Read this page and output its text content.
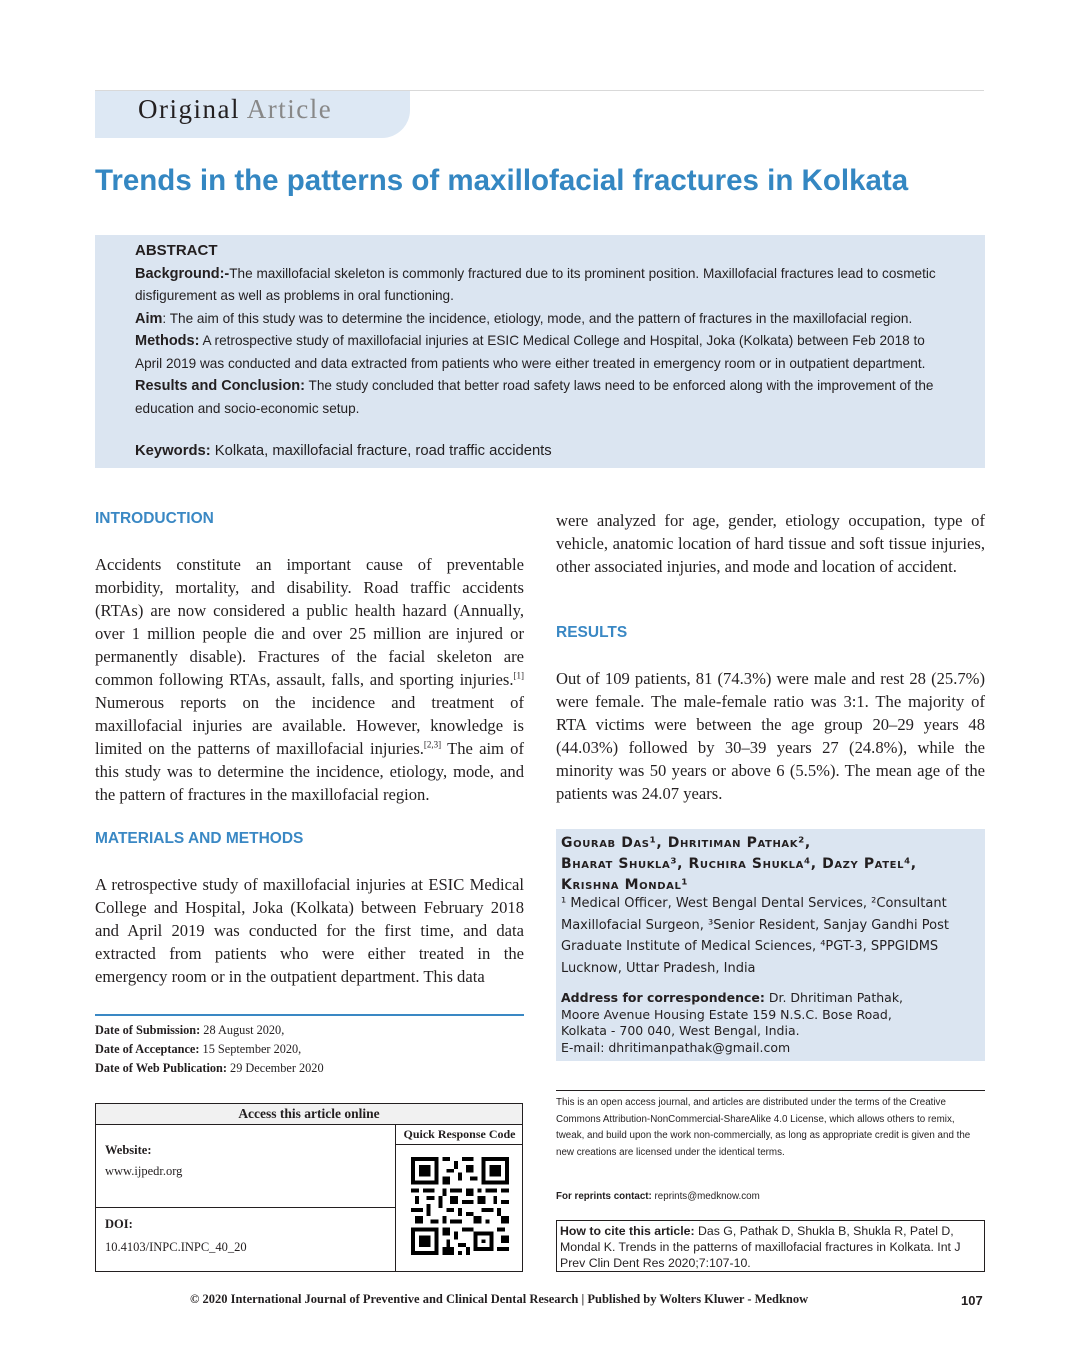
Original Article
Trends in the patterns of maxillofacial fractures in Kolkata

ABSTRACT

Background:-The maxillofacial skeleton is commonly fractured due to its prominent position. Maxillofacial fractures lead to cosmetic disfigurement as well as problems in oral functioning.

Aim: The aim of this study was to determine the incidence, etiology, mode, and the pattern of fractures in the maxillofacial region.

Methods: A retrospective study of maxillofacial injuries at ESIC Medical College and Hospital, Joka (Kolkata) between Feb 2018 to April 2019 was conducted and data extracted from patients who were either treated in emergency room or in outpatient department.

Results and Conclusion: The study concluded that better road safety laws need to be enforced along with the improvement of the education and socio-economic setup.

Keywords: Kolkata, maxillofacial fracture, road traffic accidents
INTRODUCTION

Accidents constitute an important cause of preventable morbidity, mortality, and disability. Road traffic accidents (RTAs) are now considered a public health hazard (Annually, over 1 million people die and over 25 million are injured or permanently disable). Fractures of the facial skeleton are common following RTAs, assault, falls, and sporting injuries.[1] Numerous reports on the incidence and treatment of maxillofacial injuries are available. However, knowledge is limited on the patterns of maxillofacial injuries.[2,3] The aim of this study was to determine the incidence, etiology, mode, and the pattern of fractures in the maxillofacial region.

MATERIALS AND METHODS
A retrospective study of maxillofacial injuries at ESIC Medical College and Hospital, Joka (Kolkata) between February 2018 and April 2019 was conducted for the first time, and data extracted from patients who were either treated in the emergency room or in the outpatient department. This data
Date of Submission: 28 August 2020,
Date of Acceptance: 15 September 2020,
Date of Web Publication: 29 December 2020
Access this article online
Quick Response Code
Website:
www.ijpedr.org
DOI:
10.4103/INPC.INPC_40_20
were analyzed for age, gender, etiology occupation, type of vehicle, anatomic location of hard tissue and soft tissue injuries, other associated injuries, and mode and location of accident.
RESULTS
Out of 109 patients, 81 (74.3%) were male and rest 28 (25.7%) were female. The male-female ratio was 3:1. The majority of RTA victims were between the age group 20–29 years 48 (44.03%) followed by 30–39 years 27 (24.8%), while the minority was 50 years or above 6 (5.5%). The mean age of the patients was 24.07 years.
Gourab Das¹, Dhritiman Pathak²,
Bharat Shukla³, Ruchira Shukla⁴, Dazy Patel⁴,
Krishna Mondal¹
¹ Medical Officer, West Bengal Dental Services, ²Consultant Maxillofacial Surgeon, ³Senior Resident, Sanjay Gandhi Post Graduate Institute of Medical Sciences, ⁴PGT-3, SPPGIDMS Lucknow, Uttar Pradesh, India
Address for correspondence: Dr. Dhritiman Pathak,
Moore Avenue Housing Estate 159 N.S.C. Bose Road,
Kolkata - 700 040, West Bengal, India.
E-mail: dhritimanpathak@gmail.com
This is an open access journal, and articles are distributed under the terms of the Creative Commons Attribution-NonCommercial-ShareAlike 4.0 License, which allows others to remix, tweak, and build upon the work non-commercially, as long as appropriate credit is given and the new creations are licensed under the identical terms.
For reprints contact: reprints@medknow.com
How to cite this article: Das G, Pathak D, Shukla B, Shukla R, Patel D, Mondal K. Trends in the patterns of maxillofacial fractures in Kolkata. Int J Prev Clin Dent Res 2020;7:107-10.
© 2020 International Journal of Preventive and Clinical Dental Research | Published by Wolters Kluwer - Medknow	107
